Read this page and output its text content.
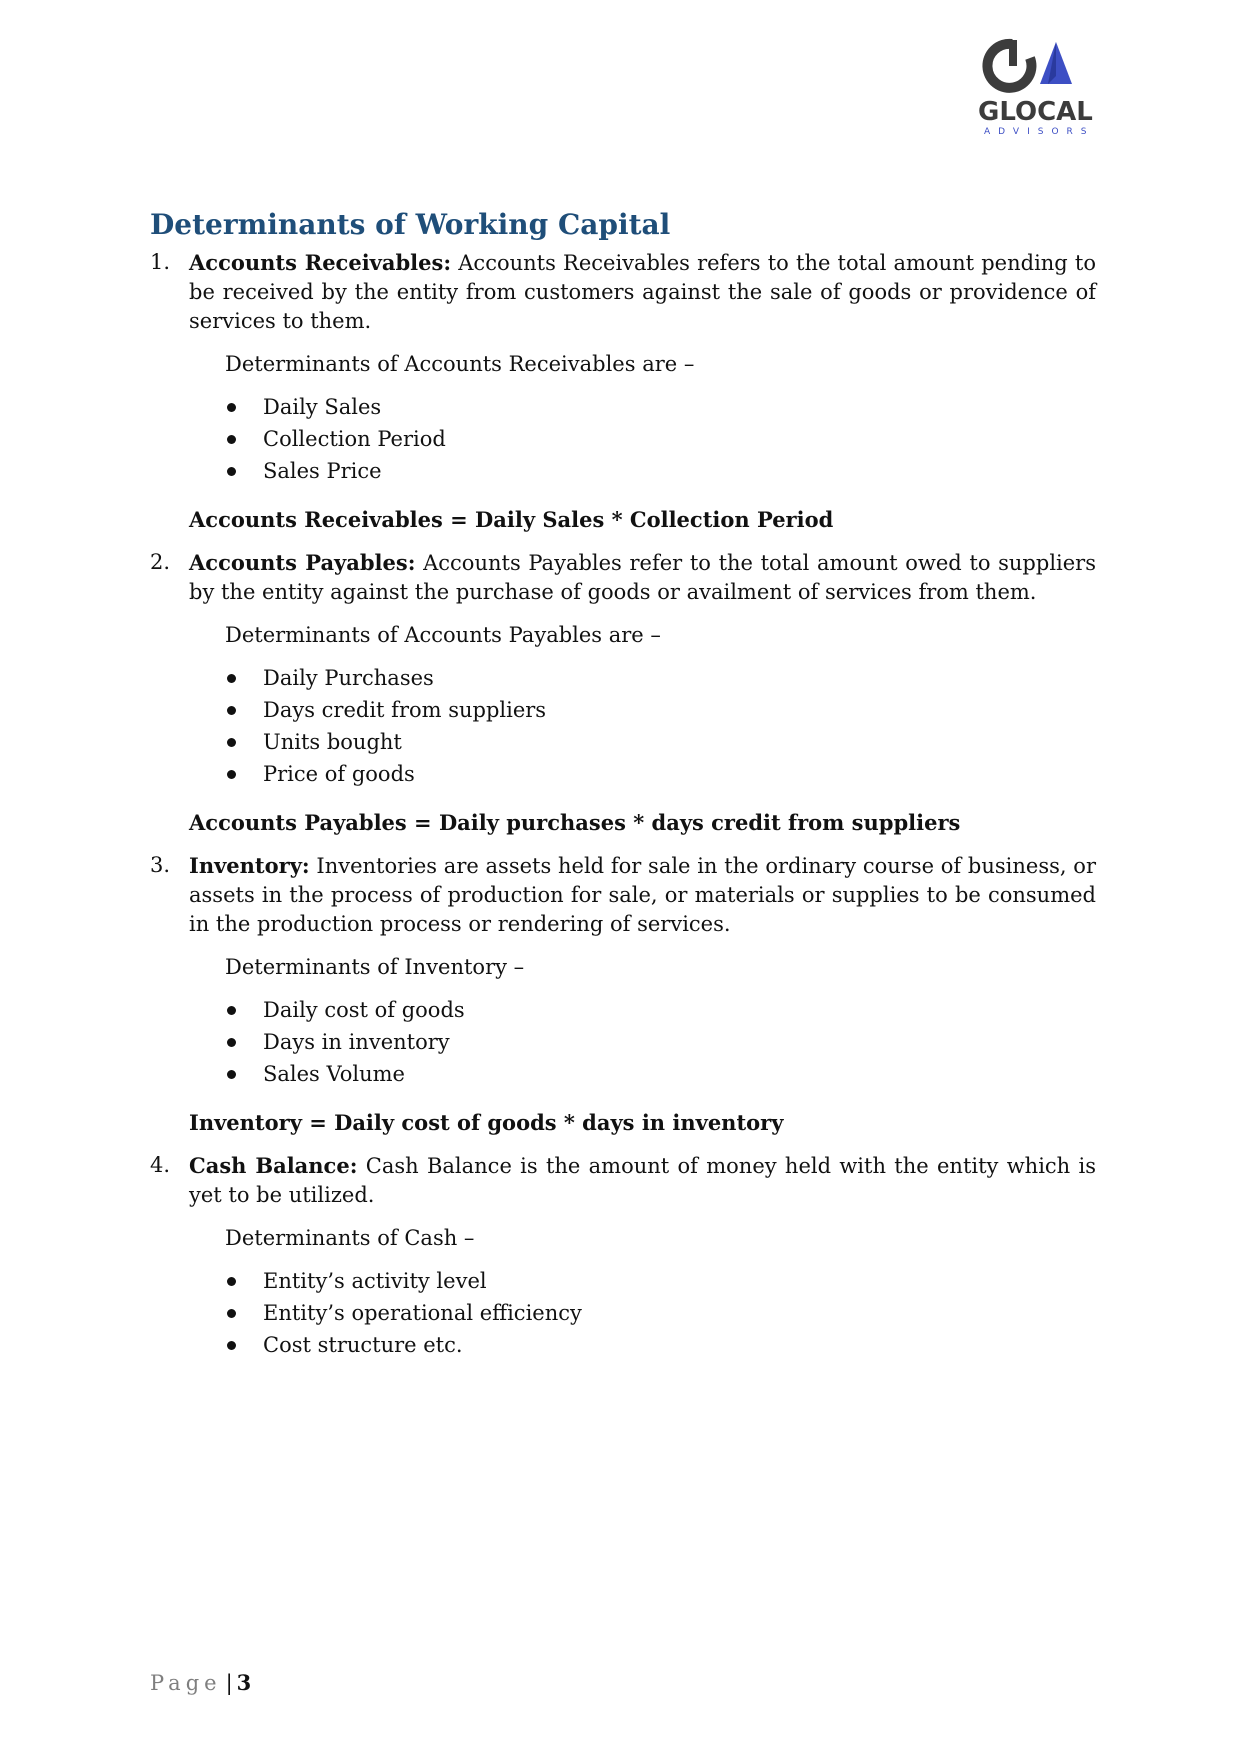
GLOCAL
ADVISORS
Determinants of Working Capital
1. Accounts Receivables: Accounts Receivables refers to the total amount pending to be received by the entity from customers against the sale of goods or providence of services to them.

Determinants of Accounts Receivables are –
Daily Sales
Collection Period
Sales Price
Accounts Receivables = Daily Sales * Collection Period
2. Accounts Payables: Accounts Payables refer to the total amount owed to suppliers by the entity against the purchase of goods or availment of services from them.

Determinants of Accounts Payables are –
Daily Purchases
Days credit from suppliers
Units bought
Price of goods
Accounts Payables = Daily purchases * days credit from suppliers
3. Inventory: Inventories are assets held for sale in the ordinary course of business, or assets in the process of production for sale, or materials or supplies to be consumed in the production process or rendering of services.

Determinants of Inventory –
Daily cost of goods
Days in inventory
Sales Volume
Inventory = Daily cost of goods * days in inventory
4. Cash Balance: Cash Balance is the amount of money held with the entity which is yet to be utilized.

Determinants of Cash –
Entity’s activity level
Entity’s operational efficiency
Cost structure etc.
Page | 3
